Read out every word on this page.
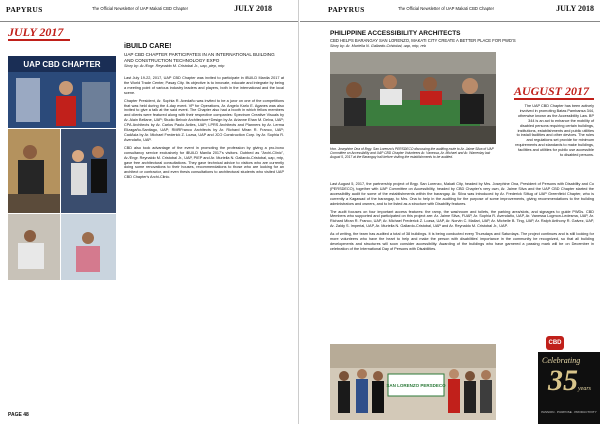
PAPYRUS	The Official Newsletter of UAP Makati CBD Chapter	JULY 2018
JULY 2017
UAP CBD CHAPTER
iBUILD CARE!
UAP CBD CHAPTER PARTICIPATES IN AN INTERNATIONAL BUILDING AND CONSTRUCTION TECHNOLOGY EXPO
Story by: Ar./Engr. Reynaldo M. Cristobal Jr., uap, piep, mtp

Last July 19-22, 2017, UAP CBD Chapter was invited to participate in iBUILD Manila 2017 at the World Trade Center, Pasay City. Its objective is to innovate, educate and integrate by being a meeting point of various industry leaders and players, both in the international and the local scene.

Chapter President, Ar. Sophia R. Avedaño was invited to be a juror on one of the competitions that was held during the 4-day event. VP for Operations, Ar. Angelo Karlo E. Aganes was also invited to give a talk at the said event. The Chapter also had a booth in which fellow members and clients were featured along with their respective companies: Spectrum Creative Visuals by Ar. Alain Bellane, UAP; Studio Belvoir Architecture+Design by Ar. Arianne Ehan M. Delva, UAP; CPA Architects by Ar. Carlos Paolo Aviles, UAP; LPRS Architects and Planners by Ar. Lerma Elizagaño-Santiago, UAP; RMRFranco Architects by Ar. Richard Miran R. Franco, UAP; CadAsia by Ar. Michael Frederick Z. Lozsa, UAP and JCO Construction Corp. by Ar. Sophia R. Avendaño, UAP.

CBD also took advantage of the event in promoting the profession by giving a pro-bono consultancy service exclusively for iBUILD Manila 2017's visitors. Dubbed as "Archi-Clinic", Ar./Engr. Reynaldo M. Cristobal Jr., UAP, PIEP and Ar. Muriella N. Gallardo-Cristobal, uap, mtp, gave free architectural consultations. They gave technical advice to visitors who are currently doing some renovations to their houses, recommendations to those who are looking for an architect or contractor, and even thesis consultations to architectural students who visited UAP CBD Chapter's Archi-Clinic.

PAGE 48
PAPYRUS	The Official Newsletter of UAP Makati CBD Chapter	JULY 2018
PHILIPPINE ACCESSIBILITY ARCHITECTS
CBD HELPS BARANGAY SAN LORENZO, MAKATI CITY CREATE A BETTER PLACE FOR PWD'S
Story by: Ar. Muriella N. Gallardo-Cristobal, uap, mtp, reb
Hon. Josephine Ona of Brgy. San Lorenzo's PERSDECO discussing the auditing route to Ar. Jaime Silva of UAP Committee on Accessibility and UAP CBD Chapter Volunteers Ar. Vanessa, Ar. Michael and Ar. Warrenlay last August 5, 2017 at the Barangay hall before visiting the establishments to be audited.
AUGUST 2017
The UAP CBD Chapter has been actively involved in promoting Batas Pambansa 344, otherwise known as the Accessibility Law. BP 344 is an act to enhance the mobility of disabled persons requiring certain buildings, institutions, establishments and public utilities to install facilities and other devices. The rules and regulations set provide for minimum requirements and standards to make buildings, facilities and utilities for public use accessible to disabled persons.

Last August 5, 2017, the partnership project of Brgy. San Lorenzo, Makati City, headed by Mrs. Josephine Ona, President of Persons with Disability and Co (PERSDECO), together with UAP Committee on Accessibility, headed by CBD Chapter's very own, Ar. Jaime Silva and the UAP CBD Chapter started the accessibility audit for some of the establishments within the barangay. Ar. Silva was introduced by Ar. Frederick Siltug of UAP Greenfield Chapter, who is currently a Kagawad of the barangay, to Mrs. Ona to help in the auditing for the purpose of some improvements, giving recommendations to the building administrators and owners, and to be listed as a structure with Disability features.

The audit focuses on four important access features: the ramp, the washroom and toilets, the parking area/slots, and signages to guide PWDs. CBD Members who supported and participated on this project are: Ar. Jaime Silva, FUAP, Ar. Sophia R. Avendaño, UAP, Ar. Vanessa Logmon-Ledesma, UAP, Ar. Richard Miran R. Franco, UAP, Ar. Michael Frederick Z. Lozsa, UAP, Ar. Norvin C. Mallari, UAP, Ar. Michelle B. Ting, UAP, Ar. Ralph Anthony R. Galvez, UAP, Ar. Zaldy S. Imperial, UAP, Ar. Muriella N. Gallardo-Cristobal, UAP and Ar. Reynaldo M. Cristobal Jr., UAP.

As of writing, the team has audited a total of 38 buildings. It is being conducted every Thursdays and Saturdays. The project continues and is still looking for more volunteers who have the heart to help and make the person with disabilities' importance in the community be recognized, so that all building developments and structures will soon consider accessibility. Awarding of the buildings who have garnered a passing mark will be on December in celebration of the International Day of Persons with Disabilities.

SAN LORENZO PERSDECO
CBD
Celebrating
35 years
PASSION · PURPOSE · PRODUCTIVITY
